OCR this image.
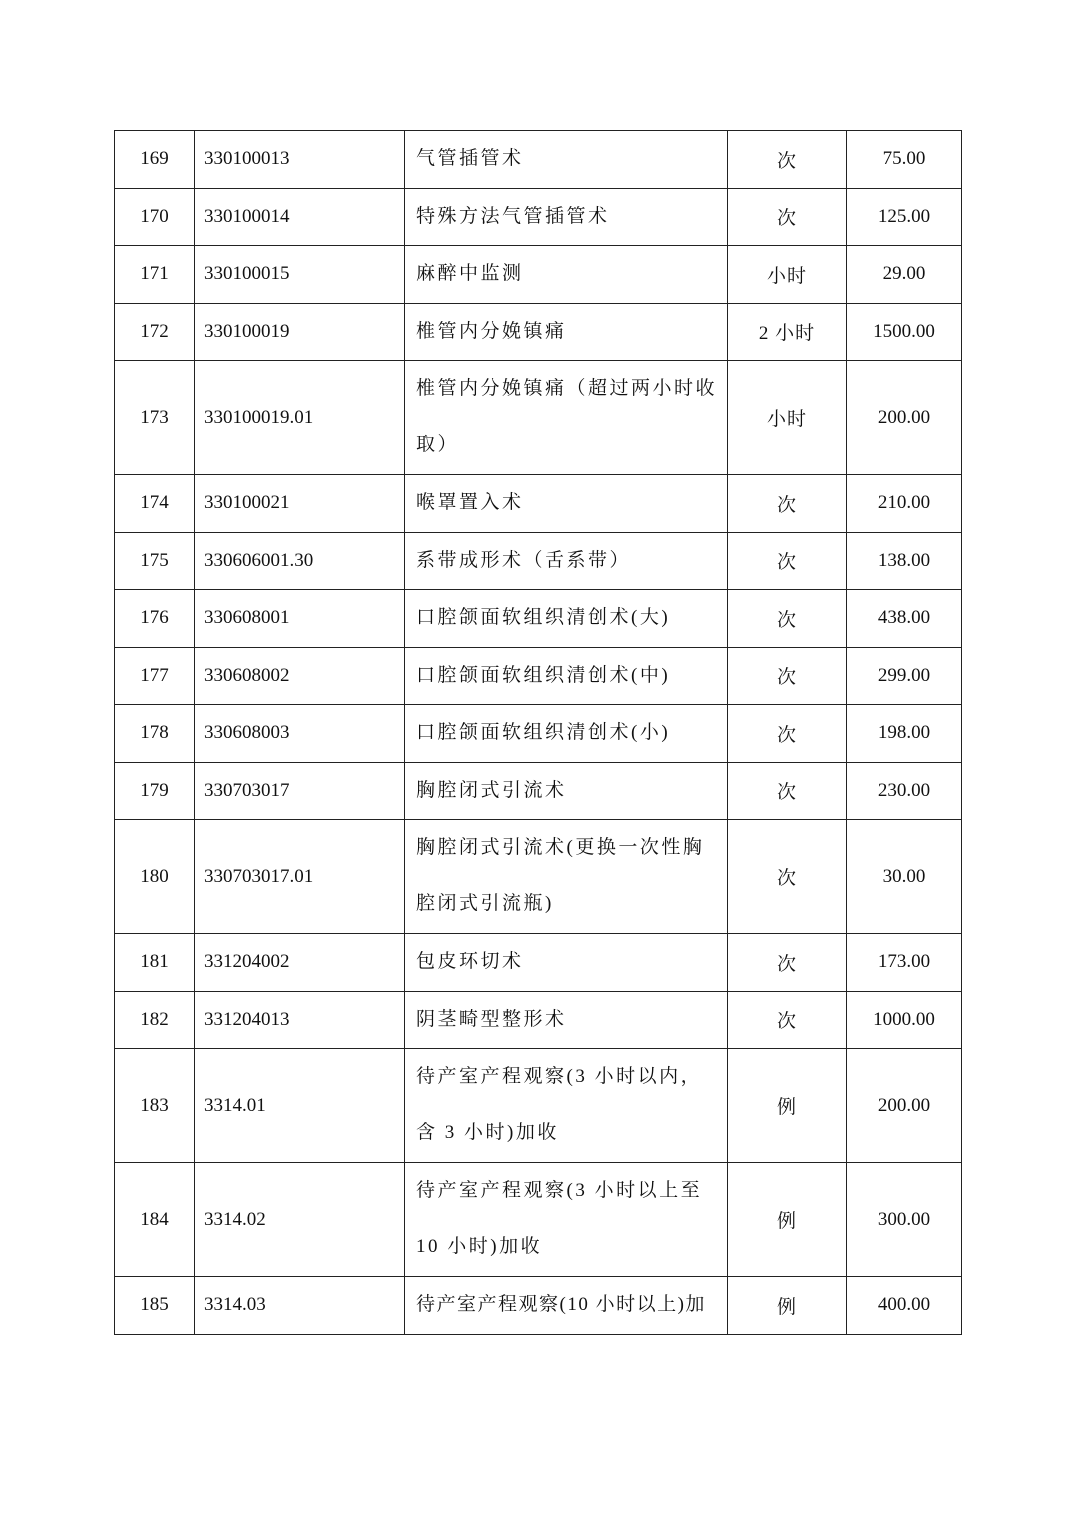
169	330100013	气管插管术	次	75.00
170	330100014	特殊方法气管插管术	次	125.00
171	330100015	麻醉中监测	小时	29.00
172	330100019	椎管内分娩镇痛	2 小时	1500.00
173	330100019.01	椎管内分娩镇痛（超过两小时收取）	小时	200.00
174	330100021	喉罩置入术	次	210.00
175	330606001.30	系带成形术（舌系带）	次	138.00
176	330608001	口腔颌面软组织清创术(大)	次	438.00
177	330608002	口腔颌面软组织清创术(中)	次	299.00
178	330608003	口腔颌面软组织清创术(小)	次	198.00
179	330703017	胸腔闭式引流术	次	230.00
180	330703017.01	胸腔闭式引流术(更换一次性胸腔闭式引流瓶)	次	30.00
181	331204002	包皮环切术	次	173.00
182	331204013	阴茎畸型整形术	次	1000.00
183	3314.01	待产室产程观察(3 小时以内，含 3 小时)加收	例	200.00
184	3314.02	待产室产程观察(3 小时以上至 10 小时)加收	例	300.00
185	3314.03	待产室产程观察(10 小时以上)加	例	400.00
